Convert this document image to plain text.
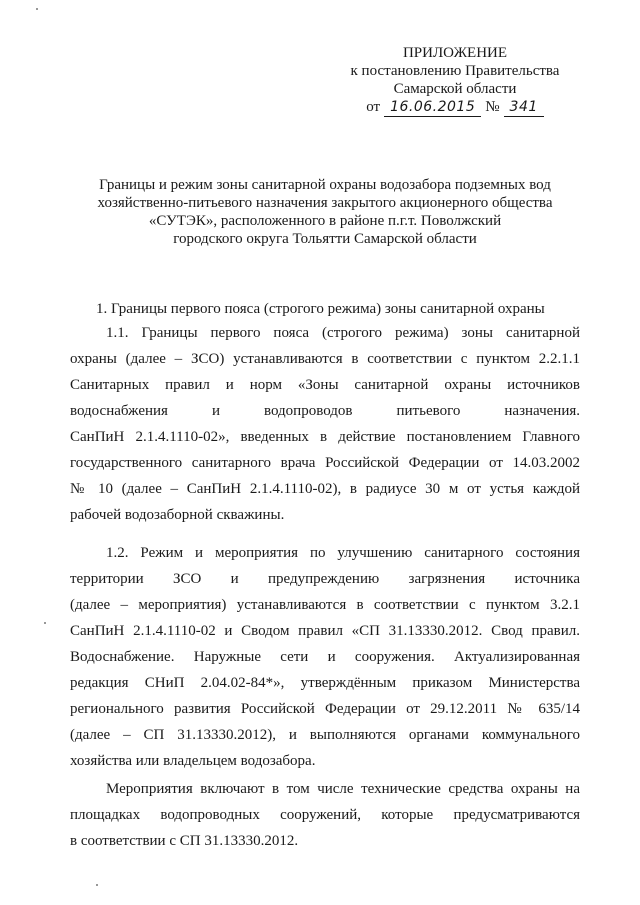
ПРИЛОЖЕНИЕ
к постановлению Правительства
Самарской области
от 16.06.2015 № 341
Границы и режим зоны санитарной охраны водозабора подземных вод
хозяйственно-питьевого назначения закрытого акционерного общества
«СУТЭК», расположенного в районе п.г.т. Поволжский
городского округа Тольятти Самарской области
1. Границы первого пояса (строгого режима) зоны санитарной охраны
1.1. Границы первого пояса (строгого режима) зоны санитарной
охраны (далее – ЗСО) устанавливаются в соответствии с пунктом 2.2.1.1
Санитарных правил и норм «Зоны санитарной охраны источников
водоснабжения и водопроводов питьевого назначения.
СанПиН 2.1.4.1110-02», введенных в действие постановлением Главного
государственного санитарного врача Российской Федерации от 14.03.2002
№ 10 (далее – СанПиН 2.1.4.1110-02), в радиусе 30 м от устья каждой
рабочей водозаборной скважины.
1.2. Режим и мероприятия по улучшению санитарного состояния
территории ЗСО и предупреждению загрязнения источника
(далее – мероприятия) устанавливаются в соответствии с пунктом 3.2.1
СанПиН 2.1.4.1110-02 и Сводом правил «СП 31.13330.2012. Свод правил.
Водоснабжение. Наружные сети и сооружения. Актуализированная
редакция СНиП 2.04.02-84*», утверждённым приказом Министерства
регионального развития Российской Федерации от 29.12.2011 № 635/14
(далее – СП 31.13330.2012), и выполняются органами коммунального
хозяйства или владельцем водозабора.
Мероприятия включают в том числе технические средства охраны на
площадках водопроводных сооружений, которые предусматриваются
в соответствии с СП 31.13330.2012.
